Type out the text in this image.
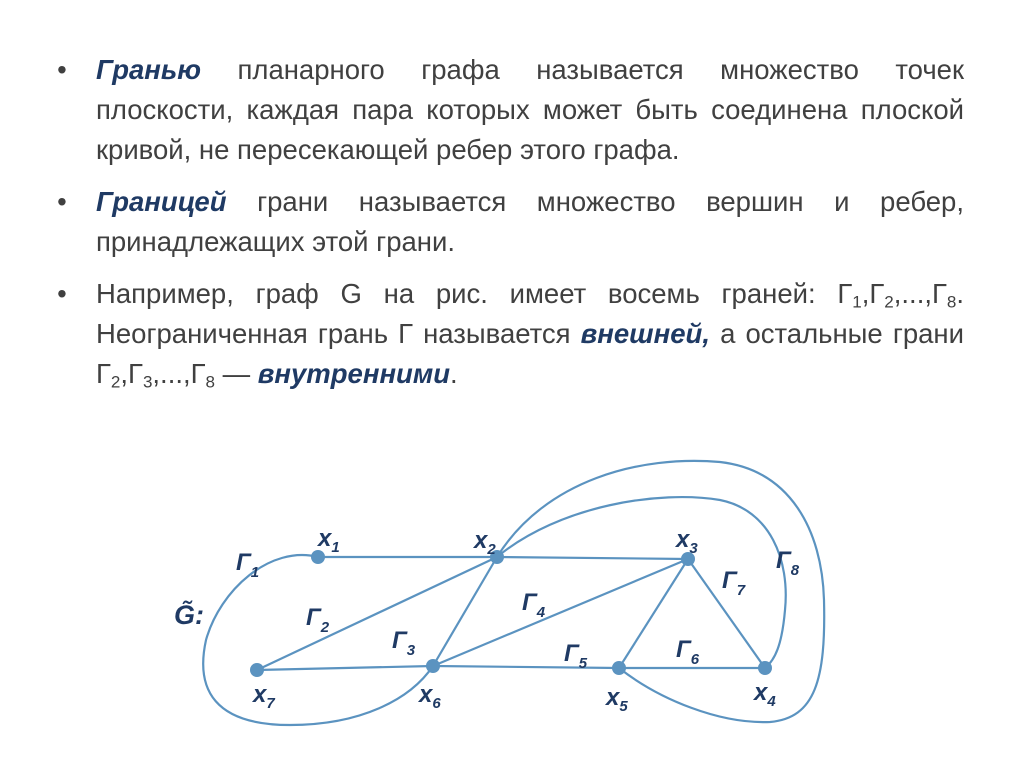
• Гранью планарного графа называется множество точек плоскости, каждая пара которых может быть соединена плоской кривой, не пересекающей ребер этого графа.
• Границей грани называется множество вершин и ребер, принадлежащих этой грани.
• Например, граф G на рис. имеет восемь граней: $Г_1,Г_2,...,Г_8$. Неограниченная грань Г называется внешней, а остальные грани $Г_2,Г_3,...,Г_8$ — внутренними.
G̃:
$x_1$	$x_2$	$x_3$
$x_4$
$x_5$
$x_6$
$x_7$
$Г_1$
$Г_2$	$Г_3$
$Г_4$
$Г_5$
$Г_6$
$Г_7$
$Г_8$
